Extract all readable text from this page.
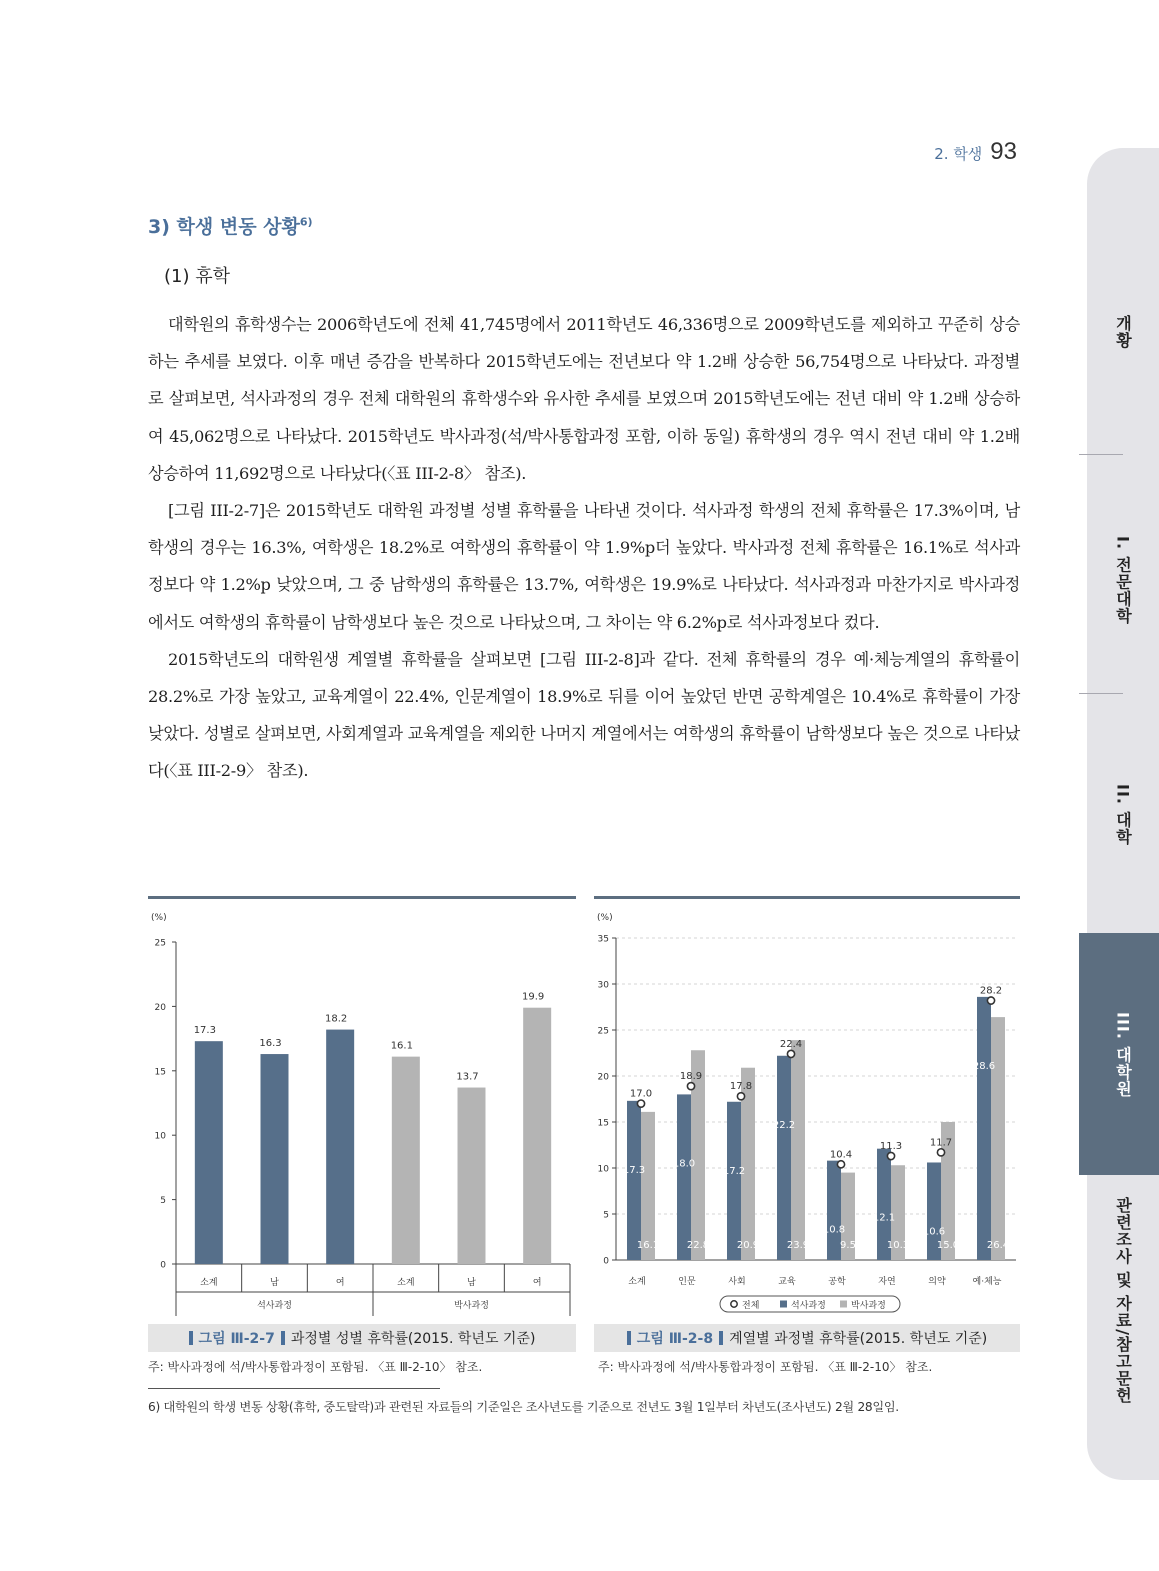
2. 학생 93
개황
I. 전문대학
II. 대학
III. 대학원
관련조사 및 자료/참고문헌
3) 학생 변동 상황$^{6)}$
(1) 휴학

대학원의 휴학생수는 2006학년도에 전체 41,745명에서 2011학년도 46,336명으로 2009학년도를 제외하고 꾸준히 상승하는 추세를 보였다. 이후 매년 증감을 반복하다 2015학년도에는 전년보다 약 1.2배 상승한 56,754명으로 나타났다. 과정별로 살펴보면, 석사과정의 경우 전체 대학원의 휴학생수와 유사한 추세를 보였으며 2015학년도에는 전년 대비 약 1.2배 상승하여 45,062명으로 나타났다. 2015학년도 박사과정(석/박사통합과정 포함, 이하 동일) 휴학생의 경우 역시 전년 대비 약 1.2배 상승하여 11,692명으로 나타났다(〈표 III-2-8〉 참조).

[그림 III-2-7]은 2015학년도 대학원 과정별 성별 휴학률을 나타낸 것이다. 석사과정 학생의 전체 휴학률은 17.3%이며, 남학생의 경우는 16.3%, 여학생은 18.2%로 여학생의 휴학률이 약 1.9%p더 높았다. 박사과정 전체 휴학률은 16.1%로 석사과정보다 약 1.2%p 낮았으며, 그 중 남학생의 휴학률은 13.7%, 여학생은 19.9%로 나타났다. 석사과정과 마찬가지로 박사과정에서도 여학생의 휴학률이 남학생보다 높은 것으로 나타났으며, 그 차이는 약 6.2%p로 석사과정보다 컸다.

2015학년도의 대학원생 계열별 휴학률을 살펴보면 [그림 III-2-8]과 같다. 전체 휴학률의 경우 예·체능계열의 휴학률이 28.2%로 가장 높았고, 교육계열이 22.4%, 인문계열이 18.9%로 뒤를 이어 높았던 반면 공학계열은 10.4%로 휴학률이 가장 낮았다. 성별로 살펴보면, 사회계열과 교육계열을 제외한 나머지 계열에서는 여학생의 휴학률이 남학생보다 높은 것으로 나타났다(〈표 III-2-9〉 참조).

(%)
0
5
10
15
20
25
17.3
소계
16.3
남
18.2
여
16.1
소계
13.7
남
19.9
여
석사과정	박사과정
그림 Ⅲ-2-7 과정별 성별 휴학률(2015. 학년도 기준)
주: 박사과정에 석/박사통합과정이 포함됨. 〈표 Ⅲ-2-10〉 참조.
(%)
0
5
10
15
20
25
30
35
17.3
16.1
17.0
소계
18.0
22.8
18.9
인문
17.2
20.9
17.8
사회
22.2
23.9
22.4
교육
10.8
9.5
10.4
공학
12.1
10.3
11.3
자연
10.6
15.0
11.7
의약
28.6
26.4
28.2
예·체능
전체	석사과정	박사과정
그림 Ⅲ-2-8 계열별 과정별 휴학률(2015. 학년도 기준)
주: 박사과정에 석/박사통합과정이 포함됨. 〈표 Ⅲ-2-10〉 참조.
6) 대학원의 학생 변동 상황(휴학, 중도탈락)과 관련된 자료들의 기준일은 조사년도를 기준으로 전년도 3월 1일부터 차년도(조사년도) 2월 28일임.
